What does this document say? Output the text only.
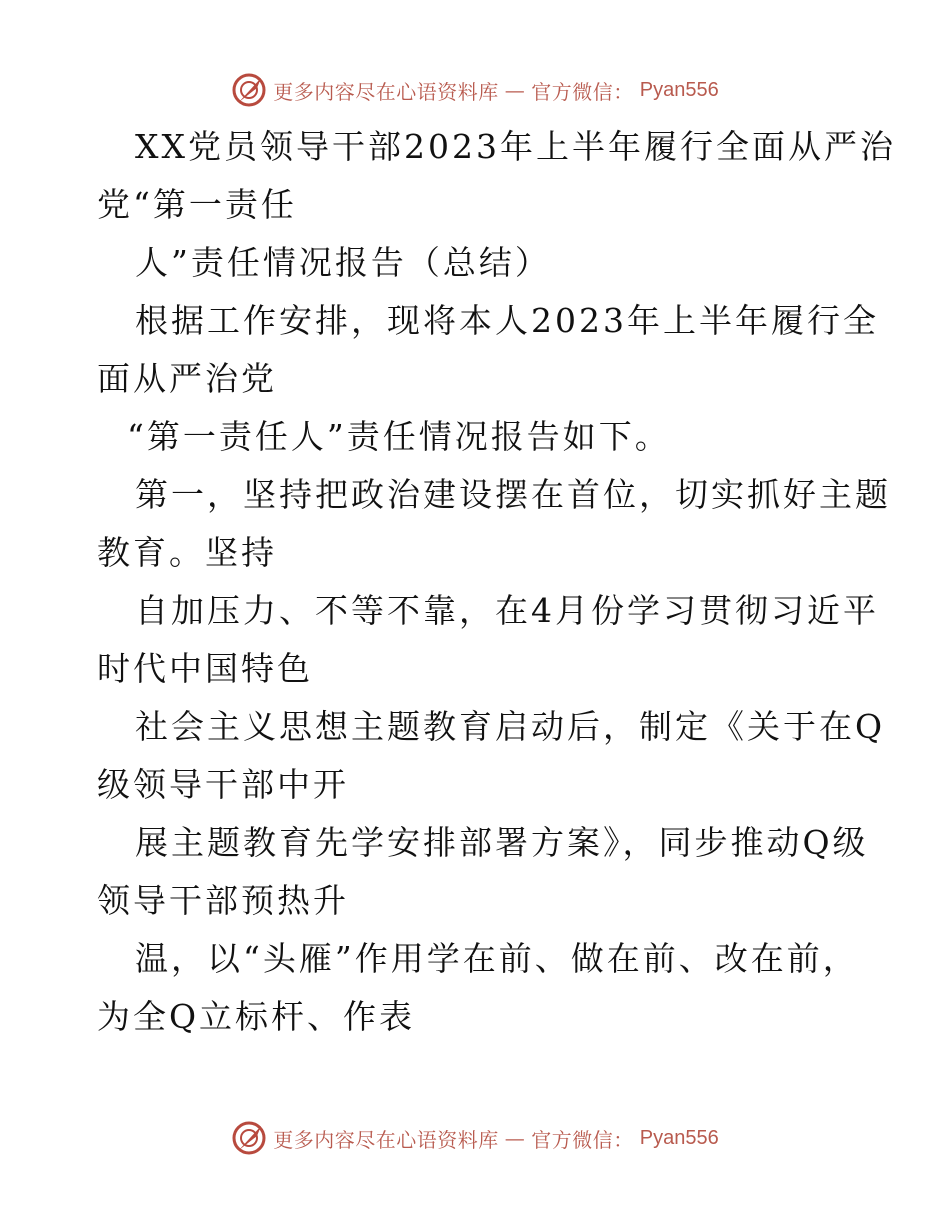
更多内容尽在心语资料库 — 官方微信： Pyan556
XX党员领导干部2023年上半年履行全面从严治
党“第一责任
人”责任情况报告（总结）
根据工作安排，现将本人2023年上半年履行全
面从严治党
“第一责任人”责任情况报告如下。
第一，坚持把政治建设摆在首位，切实抓好主题
教育。坚持
自加压力、不等不靠，在4月份学习贯彻习近平
时代中国特色
社会主义思想主题教育启动后，制定《关于在Q
级领导干部中开
展主题教育先学安排部署方案》，同步推动Q级
领导干部预热升
温，以“头雁”作用学在前、做在前、改在前，
为全Q立标杆、作表
更多内容尽在心语资料库 — 官方微信： Pyan556
